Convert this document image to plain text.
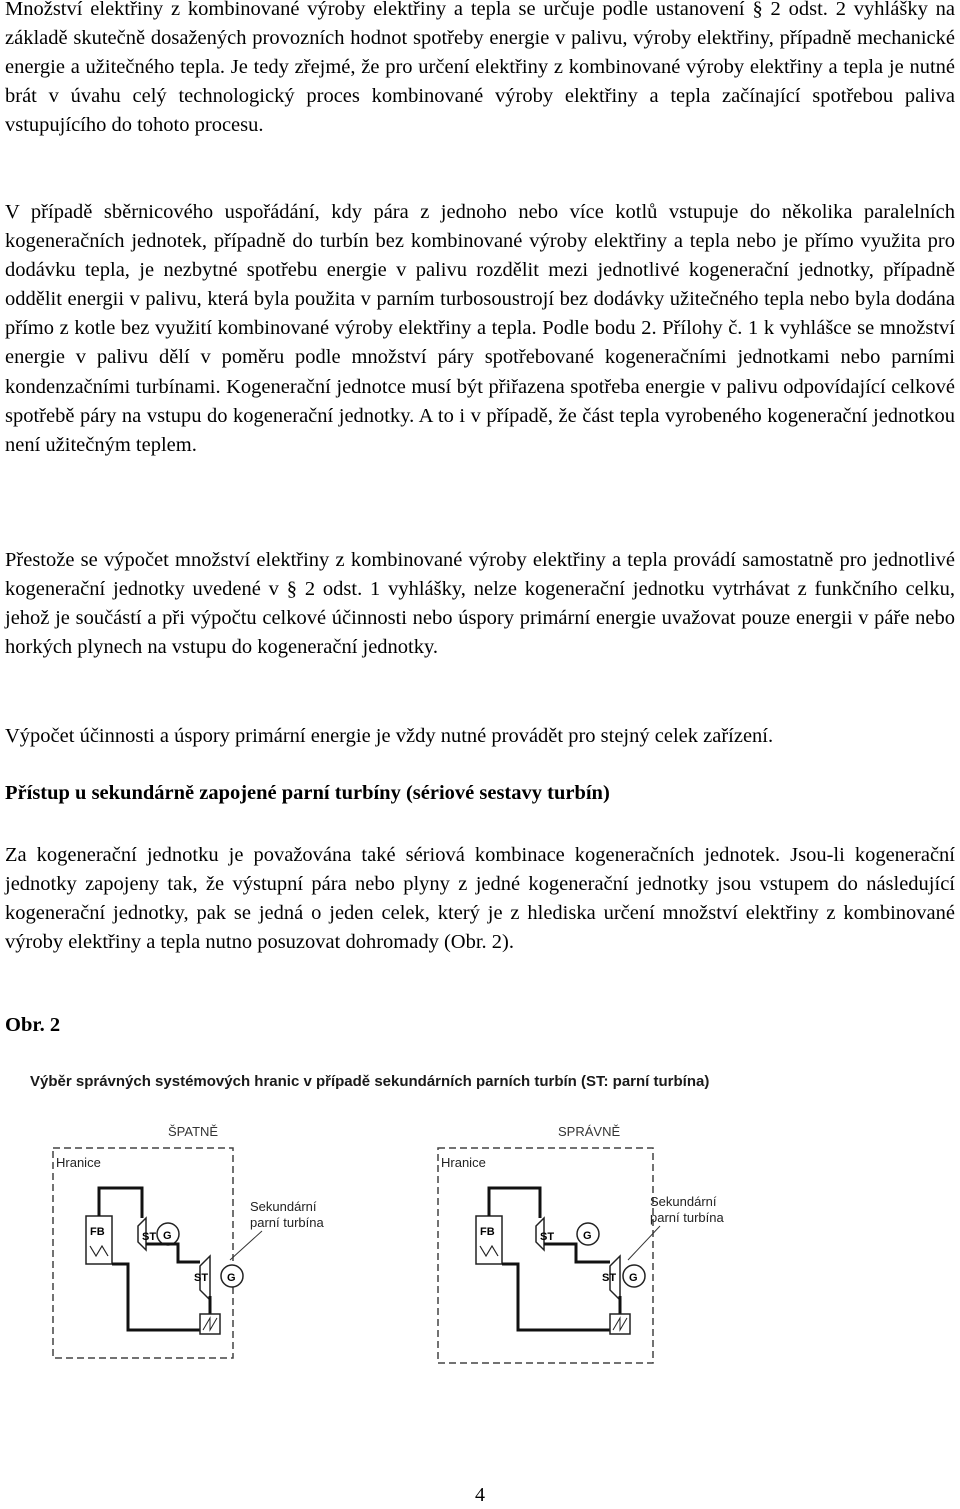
Množství elektřiny z kombinované výroby elektřiny a tepla se určuje podle ustanovení § 2 odst. 2 vyhlášky na základě skutečně dosažených provozních hodnot spotřeby energie v palivu, výroby elektřiny, případně mechanické energie a užitečného tepla. Je tedy zřejmé, že pro určení elektřiny z kombinované výroby elektřiny a tepla je nutné brát v úvahu celý technologický proces kombinované výroby elektřiny a tepla začínající spotřebou paliva vstupujícího do tohoto procesu.

V případě sběrnicového uspořádání, kdy pára z jednoho nebo více kotlů vstupuje do několika paralelních kogeneračních jednotek, případně do turbín bez kombinované výroby elektřiny a tepla nebo je přímo využita pro dodávku tepla, je nezbytné spotřebu energie v palivu rozdělit mezi jednotlivé kogenerační jednotky, případně oddělit energii v palivu, která byla použita v parním turbosoustrojí bez dodávky užitečného tepla nebo byla dodána přímo z kotle bez využití kombinované výroby elektřiny a tepla. Podle bodu 2. Přílohy č. 1 k vyhlášce se množství energie v palivu dělí v poměru podle množství páry spotřebované kogeneračními jednotkami nebo parními kondenzačními turbínami. Kogenerační jednotce musí být přiřazena spotřeba energie v palivu odpovídající celkové spotřebě páry na vstupu do kogenerační jednotky. A to i v případě, že část tepla vyrobeného kogenerační jednotkou není užitečným teplem.

Přestože se výpočet množství elektřiny z kombinované výroby elektřiny a tepla provádí samostatně pro jednotlivé kogenerační jednotky uvedené v § 2 odst. 1 vyhlášky, nelze kogenerační jednotku vytrhávat z funkčního celku, jehož je součástí a při výpočtu celkové účinnosti nebo úspory primární energie uvažovat pouze energii v páře nebo horkých plynech na vstupu do kogenerační jednotky.

Výpočet účinnosti a úspory primární energie je vždy nutné provádět pro stejný celek zařízení.

Přístup u sekundárně zapojené parní turbíny (sériové sestavy turbín)

Za kogenerační jednotku je považována také sériová kombinace kogeneračních jednotek. Jsou-li kogenerační jednotky zapojeny tak, že výstupní pára nebo plyny z jedné kogenerační jednotky jsou vstupem do následující kogenerační jednotky, pak se jedná o jeden celek, který je z hlediska určení množství elektřiny z kombinované výroby elektřiny a tepla nutno posuzovat dohromady (Obr. 2).

Obr. 2

Výběr správných systémových hranic v případě sekundárních parních turbín (ST: parní turbína)
ŠPATNĚ
Hranice
Sekundární
parní turbína
FB	ST G
ST G
SPRÁVNĚ
Hranice
Sekundární
parní turbína
FB	ST	G
ST G
4
